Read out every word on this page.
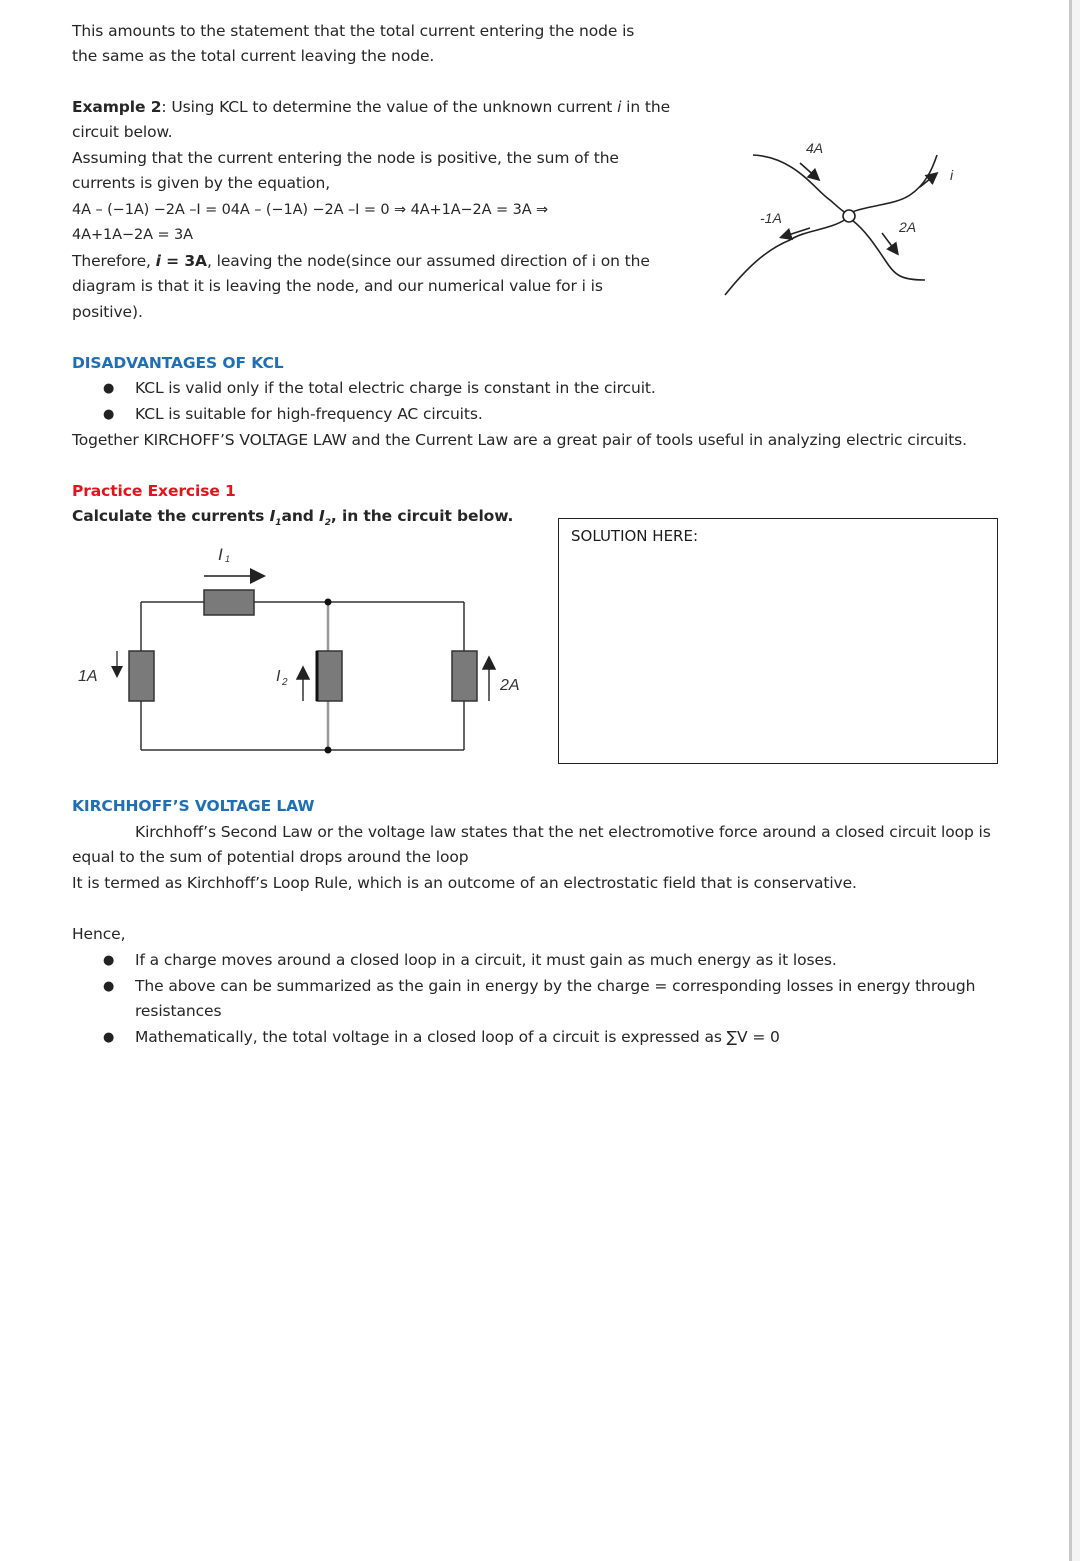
This amounts to the statement that the total current entering the node is
the same as the total current leaving the node.
Example 2: Using KCL to determine the value of the unknown current i in the
circuit below.
Assuming that the current entering the node is positive, the sum of the
currents is given by the equation,
4A – (−1A) −2A –I = 04A – (−1A) −2A –I = 0 ⇒ 4A+1A−2A = 3A ⇒
4A+1A−2A = 3A
Therefore, i = 3A, leaving the node(since our assumed direction of i on the
diagram is that it is leaving the node, and our numerical value for i is
positive).
4A
-1A
2A
i
DISADVANTAGES OF KCL
● KCL is valid only if the total electric charge is constant in the circuit.
● KCL is suitable for high-frequency AC circuits.
Together KIRCHOFF’S VOLTAGE LAW and the Current Law are a great pair of tools useful in analyzing electric circuits.
Practice Exercise 1
Calculate the currents $I_1and$ $I_2$, in the circuit below.
I 1
1A	I 2	2A
SOLUTION HERE:
KIRCHHOFF’S VOLTAGE LAW
Kirchhoff’s Second Law or the voltage law states that the net electromotive force around a closed circuit loop is
equal to the sum of potential drops around the loop
It is termed as Kirchhoff’s Loop Rule, which is an outcome of an electrostatic field that is conservative.
Hence,
● If a charge moves around a closed loop in a circuit, it must gain as much energy as it loses.
● The above can be summarized as the gain in energy by the charge = corresponding losses in energy through
resistances
● Mathematically, the total voltage in a closed loop of a circuit is expressed as ∑V = 0
